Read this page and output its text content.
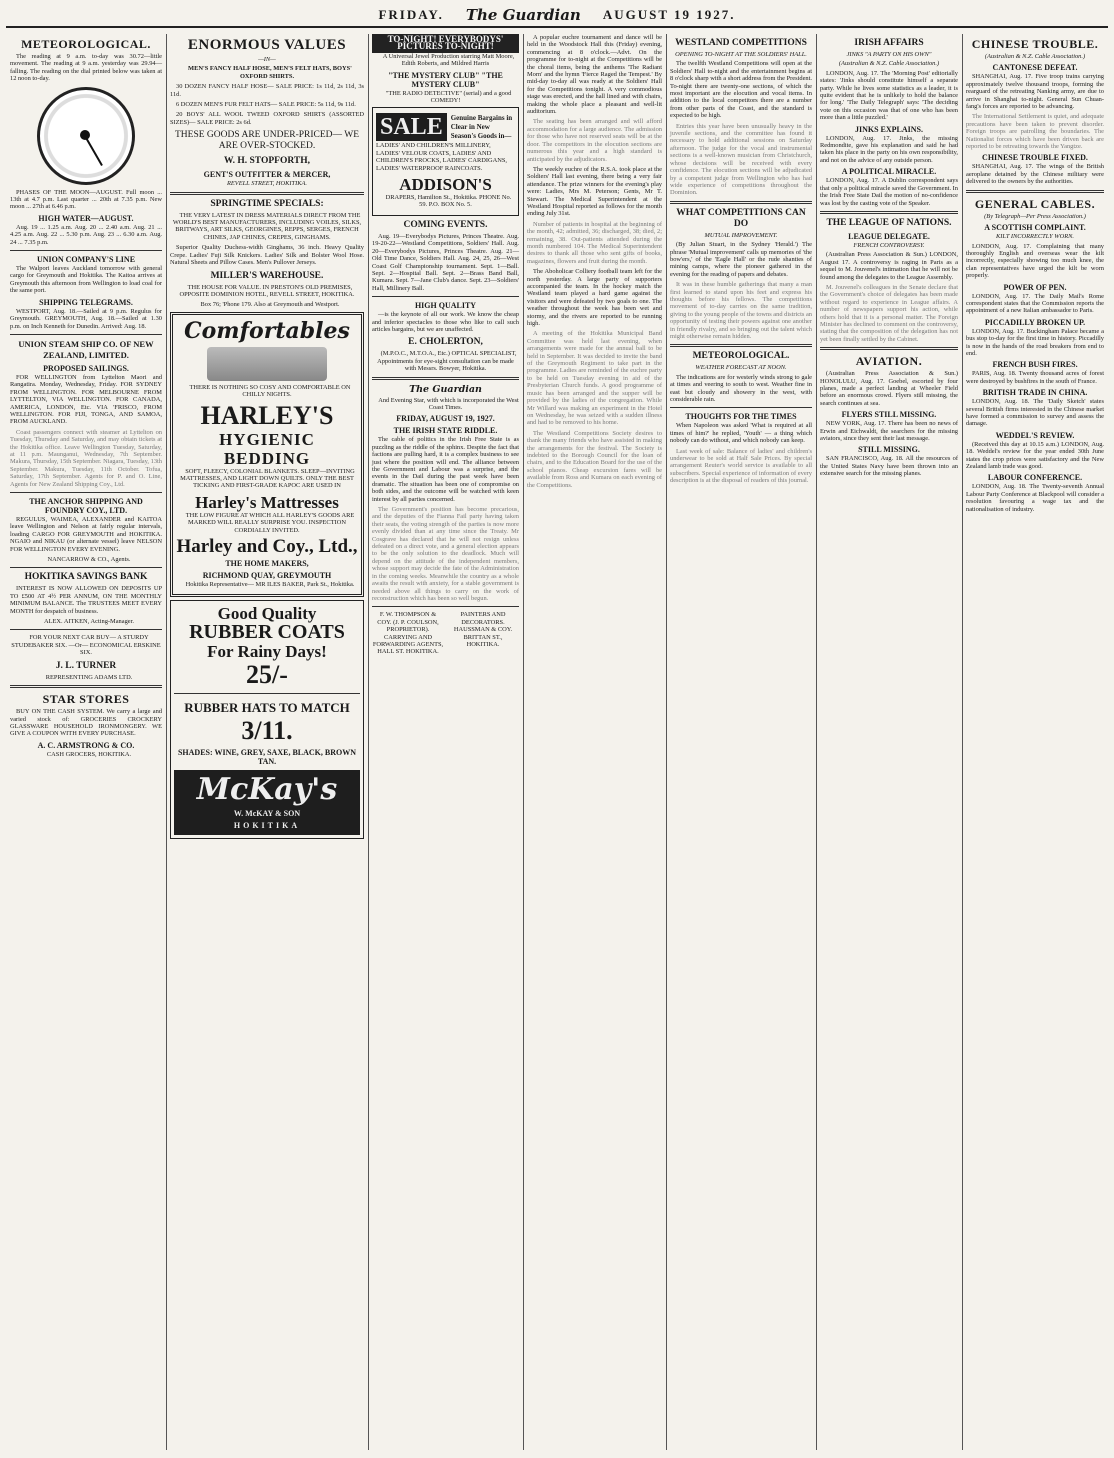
FRIDAY. The Guardian AUGUST 19 1927.
METEOROLOGICAL.

The reading at 9 a.m. to-day was 30.72—little movement. The reading at 9 a.m. yesterday was 29.94—falling. The reading on the dial printed below was taken at 12 noon to-day.

PHASES OF THE MOON—AUGUST. Full moon ... 13th at 4.7 p.m. Last quarter ... 20th at 7.35 p.m. New moon ... 27th at 6.46 p.m.

HIGH WATER—AUGUST.

Aug. 19 ... 1.25 a.m. Aug. 20 ... 2.40 a.m. Aug. 21 ... 4.25 a.m. Aug. 22 ... 5.30 p.m. Aug. 23 ... 6.30 a.m. Aug. 24 ... 7.35 p.m.

UNION COMPANY'S LINE

The Walpori leaves Auckland tomorrow with general cargo for Greymouth and Hokitika. The Kaitoa arrives at Greymouth this afternoon from Wellington to load coal for the same port.

SHIPPING TELEGRAMS.

WESTPORT, Aug. 18.—Sailed at 9 p.m. Regulus for Greymouth. GREYMOUTH, Aug. 18.—Sailed at 1.30 p.m. on Inch Kenneth for Dunedin. Arrived: Aug. 18.

UNION STEAM SHIP CO. OF NEW ZEALAND, LIMITED.
PROPOSED SAILINGS.

FOR WELLINGTON from Lyttelton Maori and Rangatira. Monday, Wednesday, Friday. FOR SYDNEY FROM WELLINGTON. FOR MELBOURNE FROM LYTTELTON, VIA WELLINGTON. FOR CANADA, AMERICA, LONDON, Etc. VIA 'FRISCO, FROM WELLINGTON. FOR FIJI, TONGA, AND SAMOA, FROM AUCKLAND.

Coast passengers connect with steamer at Lyttelton on Tuesday, Thursday and Saturday, and may obtain tickets at the Hokitika office. Leave Wellington Tuesday, Saturday, at 11 p.m. Maunganui, Wednesday, 7th September. Makura, Thursday, 15th September. Niagara, Tuesday, 13th September. Makura, Tuesday, 11th October. Tofua, Saturday, 17th September. Agents for P. and O. Line, Agents for New Zealand Shipping Coy., Ltd.

THE ANCHOR SHIPPING AND FOUNDRY COY., LTD.

REGULUS, WAIMEA, ALEXANDER and KAITOA leave Wellington and Nelson at fairly regular intervals, loading CARGO FOR GREYMOUTH and HOKITIKA. NGAIO and NIKAU (or alternate vessel) leave NELSON FOR WELLINGTON EVERY EVENING.

NANCARROW & CO., Agents.

HOKITIKA SAVINGS BANK

INTEREST IS NOW ALLOWED ON DEPOSITS UP TO £500 AT 4½ PER ANNUM, ON THE MONTHLY MINIMUM BALANCE. The TRUSTEES MEET EVERY MONTH for despatch of business.

ALEX. AITKEN, Acting-Manager.

FOR YOUR NEXT CAR BUY— A STURDY STUDEBAKER SIX. —Or— ECONOMICAL ERSKINE SIX.

J. L. TURNER

REPRESENTING ADAMS LTD.

STAR STORES

BUY ON THE CASH SYSTEM. We carry a large and varied stock of: GROCERIES CROCKERY GLASSWARE HOUSEHOLD IRONMONGERY. WE GIVE A COUPON WITH EVERY PURCHASE.

A. C. ARMSTRONG & CO.

CASH GROCERS, HOKITIKA.

ENORMOUS VALUES
—IN—

MEN'S FANCY HALF HOSE, MEN'S FELT HATS, BOYS' OXFORD SHIRTS.

30 DOZEN FANCY HALF HOSE— SALE PRICE: 1s 11d, 2s 11d, 3s 11d.

6 DOZEN MEN'S FUR FELT HATS— SALE PRICE: 5s 11d, 9s 11d.

20 BOYS' ALL WOOL TWEED OXFORD SHIRTS (ASSORTED SIZES)— SALE PRICE: 2s 6d.

THESE GOODS ARE UNDER-PRICED— WE ARE OVER-STOCKED.
W. H. STOPFORTH,
GENT'S OUTFITTER & MERCER,
REVELL STREET, HOKITIKA.
SPRINGTIME SPECIALS:

THE VERY LATEST IN DRESS MATERIALS DIRECT FROM THE WORLD'S BEST MANUFACTURERS, INCLUDING VOILES, SILKS, BRITWAYS, ART SILKS, GEORGINES, REPPS, SERGES, FRENCH CHINES, JAP CHINES, CREPES, GINGHAMS.

Superior Quality Duchess-width Ginghams, 36 inch. Heavy Quality Crepe. Ladies' Fuji Silk Knickers. Ladies' Silk and Bolster Wool Hose. Natural Sheets and Pillow Cases. Men's Pullover Jerseys.

MILLER'S WAREHOUSE.

THE HOUSE FOR VALUE. IN PRESTON'S OLD PREMISES, OPPOSITE DOMINION HOTEL, REVELL STREET, HOKITIKA.

Box 76; 'Phone 179. Also at Greymouth and Westport.

Comfortables

THERE IS NOTHING SO COSY AND COMFORTABLE ON CHILLY NIGHTS.

HARLEY'S
HYGIENIC BEDDING

SOFT, FLEECY, COLONIAL BLANKETS. SLEEP—INVITING MATTRESSES, AND LIGHT DOWN QUILTS. ONLY THE BEST TICKING AND FIRST-GRADE KAPOC ARE USED IN

Harley's Mattresses

THE LOW FIGURE AT WHICH ALL HARLEY'S GOODS ARE MARKED WILL REALLY SURPRISE YOU. INSPECTION CORDIALLY INVITED.

Harley and Coy., Ltd.,
THE HOME MAKERS,
RICHMOND QUAY, GREYMOUTH

Hokitika Representative— MR ILES BAKER, Park St., Hokitika.

Good Quality
RUBBER COATS
For Rainy Days!
25/-
RUBBER HATS TO MATCH
3/11.
SHADES: WINE, GREY, SAXE, BLACK, BROWN TAN.
McKay's
W. McKAY & SON
HOKITIKA
TO-NIGHT! EVERYBODYS' PICTURES TO-NIGHT!

A Universal Jewel Production starring Matt Moore, Edith Roberts, and Mildred Harris

"THE MYSTERY CLUB" "THE MYSTERY CLUB"

"THE RADIO DETECTIVE" (serial) and a good COMEDY!

SALE	Genuine Bargains in Clear in New Season's Goods in—

LADIES' AND CHILDREN'S MILLINERY, LADIES' VELOUR COATS, LADIES' AND CHILDREN'S FROCKS, LADIES' CARDIGANS, LADIES' WATERPROOF RAINCOATS.

ADDISON'S

DRAPERS, Hamilton St., Hokitika. PHONE No. 59. P.O. BOX No. 5.

COMING EVENTS.

Aug. 19—Everybodys Pictures, Princes Theatre. Aug. 19-20-22—Westland Competitions, Soldiers' Hall. Aug. 20—Everybodys Pictures, Princes Theatre. Aug. 21—Old Time Dance, Soldiers Hall. Aug. 24, 25, 26—West Coast Golf Championship tournament. Sept. 1—Ball. Sept. 2—Hospital Ball. Sept. 2—Brass Band Ball, Kumara. Sept. 7—Jane Club's dance. Sept. 23—Soldiers' Hall, Millinery Ball.

HIGH QUALITY

—is the keynote of all our work. We know the cheap and inferior spectacles to those who like to call such articles bargains, but we are unaffected.

E. CHOLERTON,

(M.P.O.C., M.T.O.A., Etc.) OPTICAL SPECIALIST, Appointments for eye-sight consultation can be made with Messrs. Bowyer, Hokitika.

The Guardian

And Evening Star, with which is incorporated the West Coast Times.

FRIDAY, AUGUST 19, 1927.
THE IRISH STATE RIDDLE.

The cable of politics in the Irish Free State is as puzzling as the riddle of the sphinx. Despite the fact that factions are pulling hard, it is a complex business to see just where the position will end. The alliance between the Government and Labour was a surprise, and the events in the Dail during the past week have been dramatic. The situation has been one of compromise on both sides, and the outcome will be watched with keen interest by all parties concerned.

The Government's position has become precarious, and the deputies of the Fianna Fail party having taken their seats, the voting strength of the parties is now more evenly divided than at any time since the Treaty. Mr Cosgrave has declared that he will not resign unless defeated on a direct vote, and a general election appears to be the only solution to the deadlock. Much will depend on the attitude of the independent members, whose support may decide the fate of the Administration in the coming weeks. Meanwhile the country as a whole awaits the result with anxiety, for a stable government is needed above all things to carry on the work of reconstruction which has been so well begun.

F. W. THOMPSON & COY. (J. P. COULSON, PROPRIETOR). CARRYING AND FORWARDING AGENTS, HALL ST. HOKITIKA.

PAINTERS AND DECORATORS. HAUSSMAN & COY. BRITTAN ST., HOKITIKA.

A popular euchre tournament and dance will be held in the Woodstock Hall this (Friday) evening, commencing at 8 o'clock.—Advt. On the programme for to-night at the Competitions will be the choral items, being the anthems 'The Radiant Morn' and the hymn 'Fierce Raged the Tempest.' By mid-day to-day all was ready at the Soldiers' Hall for the Competitions tonight. A very commodious stage was erected, and the hall lined and with chairs, making the whole place a pleasant and well-lit auditorium.

The seating has been arranged and will afford accommodation for a large audience. The admission for those who have not reserved seats will be at the door. The competitors in the elocution sections are numerous this year and a high standard is anticipated by the adjudicators.

The weekly euchre of the R.S.A. took place at the Soldiers' Hall last evening, there being a very fair attendance. The prize winners for the evening's play were: Ladies, Mrs M. Peterson; Gents, Mr T. Stewart. The Medical Superintendent at the Westland Hospital reported as follows for the month ending July 31st.

Number of patients in hospital at the beginning of the month, 42; admitted, 36; discharged, 38; died, 2; remaining, 38. Out-patients attended during the month numbered 104. The Medical Superintendent desires to thank all those who sent gifts of books, magazines, flowers and fruit during the month.

The Aboholicar Colliery football team left for the north yesterday. A large party of supporters accompanied the team. In the hockey match the Westland team played a hard game against the visitors and were defeated by two goals to one. The weather throughout the week has been wet and stormy, and the rivers are reported to be running high.

A meeting of the Hokitika Municipal Band Committee was held last evening, when arrangements were made for the annual ball to be held in September. It was decided to invite the band of the Greymouth Regiment to take part in the programme. Ladies are reminded of the euchre party to be held on Tuesday evening in aid of the Presbyterian Church funds. A good programme of music has been arranged and the supper will be provided by the ladies of the congregation. While Mr Willard was making an experiment in the Hotel on Wednesday, he was seized with a sudden illness and had to be removed to his home.

The Westland Competitions Society desires to thank the many friends who have assisted in making the arrangements for the festival. The Society is indebted to the Borough Council for the loan of chairs, and to the Education Board for the use of the school pianos. Cheap excursion fares will be available from Ross and Kumara on each evening of the Competitions.

WESTLAND COMPETITIONS
OPENING TO-NIGHT AT THE SOLDIERS' HALL.

The twelfth Westland Competitions will open at the Soldiers' Hall to-night and the entertainment begins at 8 o'clock sharp with a short address from the President. To-night there are twenty-one sections, of which the most important are the elocution and vocal items. In addition to the local competitors there are a number from other parts of the Coast, and the standard is expected to be high.

Entries this year have been unusually heavy in the juvenile sections, and the committee has found it necessary to hold additional sessions on Saturday afternoon. The judge for the vocal and instrumental sections is a well-known musician from Christchurch, whose decisions will be received with every confidence. The elocution sections will be adjudicated by a competent judge from Wellington who has had wide experience of competitions throughout the Dominion.

WHAT COMPETITIONS CAN DO
MUTUAL IMPROVEMENT.

(By Julian Stuart, in the Sydney 'Herald.') The phrase 'Mutual improvement' calls up memories of 'the bow'ers,' of the 'Eagle Hall' or the rude shanties of mining camps, where the pioneer gathered in the evening for the reading of papers and debates.

It was in these humble gatherings that many a man first learned to stand upon his feet and express his thoughts before his fellows. The competitions movement of to-day carries on the same tradition, giving to the young people of the towns and districts an opportunity of testing their powers against one another in friendly rivalry, and so bringing out the talent which might otherwise remain hidden.

METEOROLOGICAL.
WEATHER FORECAST AT NOON.

The indications are for westerly winds strong to gale at times and veering to south to west. Weather fine in east but cloudy and showery in the west, with considerable rain.

THOUGHTS FOR THE TIMES

When Napoleon was asked 'What is required at all times of him?' he replied, 'Youth' — a thing which nobody can do without, and which nobody can keep.

Last week of sale: Balance of ladies' and children's underwear to be sold at Half Sale Prices. By special arrangement Reuter's world service is available to all subscribers. Special experience of information of every description is at the disposal of readers of this journal.

IRISH AFFAIRS
JINKS "A PARTY ON HIS OWN"
(Australian & N.Z. Cable Association.)

LONDON, Aug. 17. The 'Morning Post' editorially states: 'Jinks should constitute himself a separate party. While he lives some statistics as a leader, it is quite evident that he is unlikely to hold the balance for long.' 'The Daily Telegraph' says: 'The deciding vote on this occasion was that of one who has been more than a little puzzled.'

JINKS EXPLAINS.

LONDON, Aug. 17. Jinks, the missing Redmondite, gave his explanation and said he had taken his place in the party on his own responsibility, and not on the advice of any outside person.

A POLITICAL MIRACLE.

LONDON, Aug. 17. A Dublin correspondent says that only a political miracle saved the Government. In the Irish Free State Dail the motion of no-confidence was lost by the casting vote of the Speaker.

THE LEAGUE OF NATIONS.
LEAGUE DELEGATE.
FRENCH CONTROVERSY.

(Australian Press Association & Sun.) LONDON, August 17. A controversy is raging in Paris as a sequel to M. Jouvenel's intimation that he will not be found among the delegates to the League Assembly.

M. Jouvenel's colleagues in the Senate declare that the Government's choice of delegates has been made without regard to experience in League affairs. A number of newspapers support his action, while others hold that it is a personal matter. The Foreign Minister has declined to comment on the controversy, stating that the composition of the delegation has not yet been finally settled by the Cabinet.

AVIATION.

(Australian Press Association & Sun.) HONOLULU, Aug. 17. Goebel, escorted by four planes, made a perfect landing at Wheeler Field before an enormous crowd. Flyers still missing, the search continues at sea.

FLYERS STILL MISSING.

NEW YORK, Aug. 17. There has been no news of Erwin and Eichwaldt, the searchers for the missing aviators, since they sent their last message.

STILL MISSING.

SAN FRANCISCO, Aug. 18. All the resources of the United States Navy have been thrown into an extensive search for the missing planes.

CHINESE TROUBLE.
(Australian & N.Z. Cable Association.)
CANTONESE DEFEAT.

SHANGHAI, Aug. 17. Five troop trains carrying approximately twelve thousand troops, forming the rearguard of the retreating Nanking army, are due to arrive in Shanghai to-night. General Sun Chuan-fang's forces are reported to be advancing.

The International Settlement is quiet, and adequate precautions have been taken to prevent disorder. Foreign troops are patrolling the boundaries. The Nationalist forces which have been driven back are reported to be retreating towards the Yangtze.

CHINESE TROUBLE FIXED.

SHANGHAI, Aug. 17. The wings of the British aeroplane detained by the Chinese military were delivered to the owners by the authorities.

GENERAL CABLES.
(By Telegraph—Per Press Association.)
A SCOTTISH COMPLAINT.
KILT INCORRECTLY WORN.

LONDON, Aug. 17. Complaining that many thoroughly English and overseas wear the kilt incorrectly, especially showing too much knee, the clan representatives have urged the kilt be worn properly.

POWER OF PEN.

LONDON, Aug. 17. The Daily Mail's Rome correspondent states that the Commission reports the appointment of a new Italian ambassador to Paris.

PICCADILLY BROKEN UP.

LONDON, Aug. 17. Buckingham Palace became a bus stop to-day for the first time in history. Piccadilly is now in the hands of the road breakers from end to end.

FRENCH BUSH FIRES.

PARIS, Aug. 18. Twenty thousand acres of forest were destroyed by bushfires in the south of France.

BRITISH TRADE IN CHINA.

LONDON, Aug. 18. The 'Daily Sketch' states several British firms interested in the Chinese market have formed a commission to survey and assess the damage.

WEDDEL'S REVIEW.

(Received this day at 10.15 a.m.) LONDON, Aug. 18. Weddel's review for the year ended 30th June states the crop prices were satisfactory and the New Zealand lamb trade was good.

LABOUR CONFERENCE.

LONDON, Aug. 18. The Twenty-seventh Annual Labour Party Conference at Blackpool will consider a resolution favouring a wage tax and the nationalisation of industry.
